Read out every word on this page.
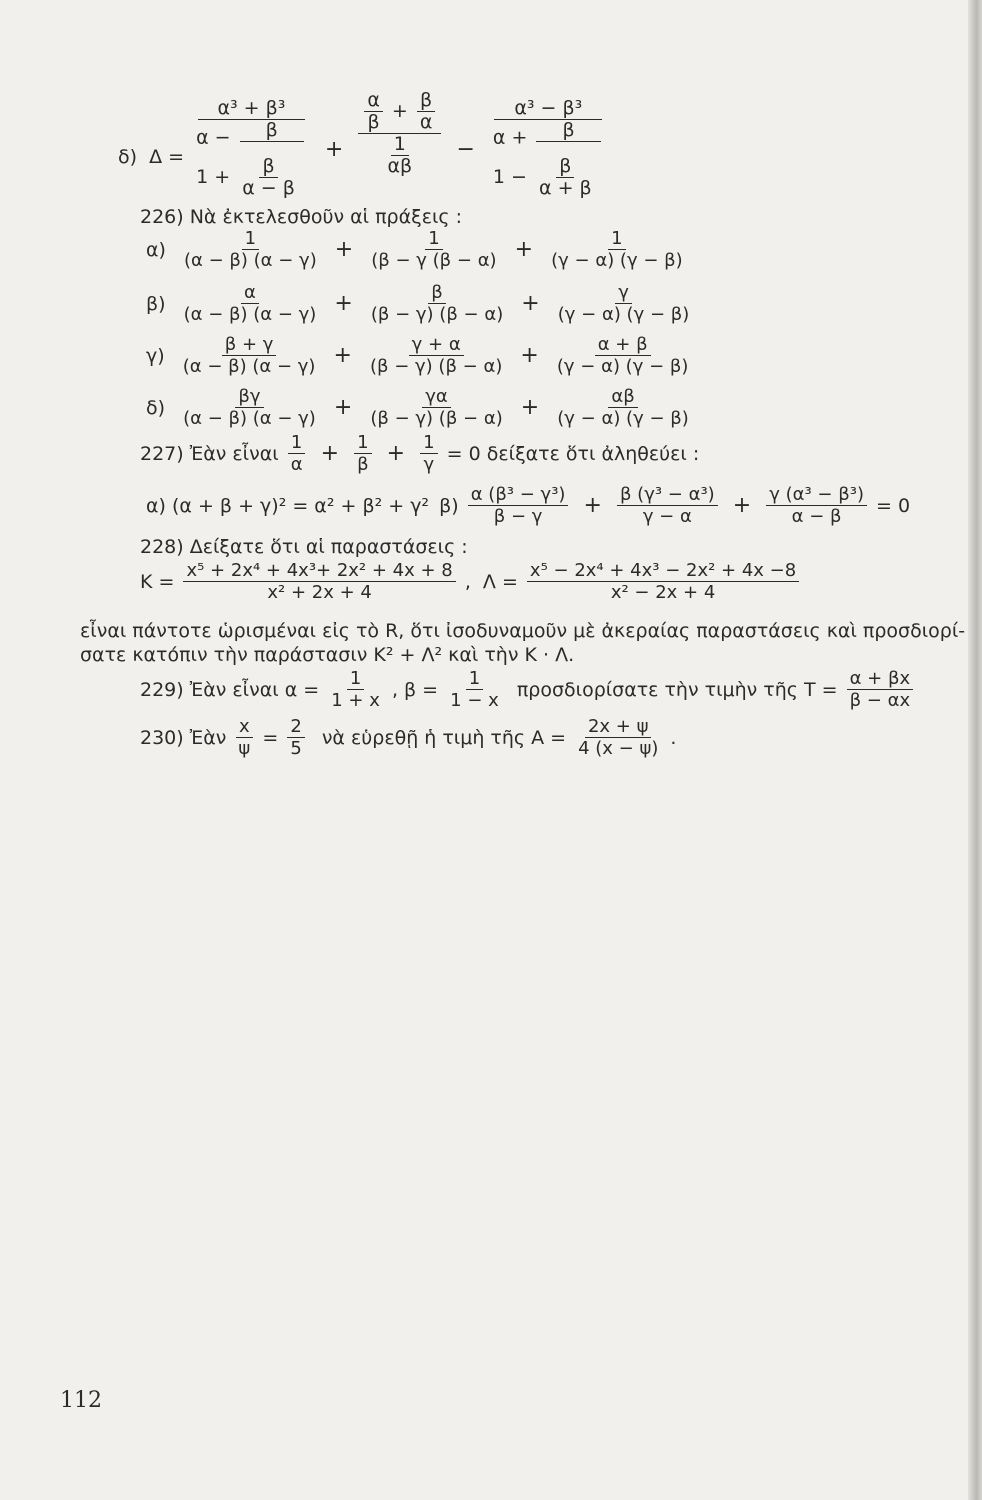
δ) Δ =
α³ + β³
α −	β

$1 + \frac{\beta}{\alpha - \beta}$
+ $\frac{\frac{\alpha}{\beta} + \frac{\beta}{\alpha}}{\frac{1}{\alpha\beta}}$ −
α³ − β³
α +	β

$1 - \frac{\beta}{\alpha + \beta}$
226) Νὰ ἐκτελεσθοῦν αἱ πράξεις :
$\alpha) \frac{1}{(\alpha - \beta) (\alpha - \gamma)} + \frac{1}{(\beta - \gamma (\beta - \alpha)} + \frac{1}{(\gamma - \alpha) (\gamma - \beta)}$
$\beta) \frac{\alpha}{(\alpha - \beta) (\alpha - \gamma)} + \frac{\beta}{(\beta - \gamma) (\beta - \alpha)} + \frac{\gamma}{(\gamma - \alpha) (\gamma - \beta)}$
$\gamma) \frac{\beta + \gamma}{(\alpha - \beta) (\alpha - \gamma)} + \frac{\gamma + \alpha}{(\beta - \gamma) (\beta - \alpha)} + \frac{\alpha + \beta}{(\gamma - \alpha) (\gamma - \beta)}$
$\delta) \frac{\beta\gamma}{(\alpha - \beta) (\alpha - \gamma)} + \frac{\gamma\alpha}{(\beta - \gamma) (\beta - \alpha)} + \frac{\alpha\beta}{(\gamma - \alpha) (\gamma - \beta)}$
227) Ἐὰν εἶναι $\frac{1}{\alpha} + \frac{1}{\beta} + \frac{1}{\gamma} = 0$ δείξατε ὅτι ἀληθεύει :
α) (α + β + γ)² = α² + β² + γ² $\beta) \frac{\text{α (β³ − γ³)}}{\beta - \gamma} + \frac{\text{β (γ³ − α³)}}{\gamma - \alpha} + \frac{\text{γ (α³ − β³)}}{\alpha - \beta} = 0$
228) Δείξατε ὅτι αἱ παραστάσεις :
$K = \frac{\text{x⁵ + 2x⁴ + 4x³+ 2x² + 4x + 8}}{\text{x² + 2x + 4}}$ , $\Lambda = \frac{\text{x⁵ − 2x⁴ + 4x³ − 2x² + 4x −8}}{\text{x² − 2x + 4}}$
εἶναι πάντοτε ὡρισμέναι εἰς τὸ R, ὅτι ἰσοδυναμοῦν μὲ ἀκεραίας παραστάσεις καὶ προσδιορί-
σατε κατόπιν τὴν παράστασιν K² + Λ² καὶ τὴν K · Λ.
229) Ἐὰν εἶναι $\alpha = \frac{1}{1 + x}$ , $\beta = \frac{1}{1 - x}$ προσδιορίσατε τὴν τιμὴν τῆς $T = \frac{\alpha + \beta x}{\beta - \alpha x}$
230) Ἐὰν $\frac{x}{\psi} = \frac{2}{5}$ νὰ εὑρεθῇ ἡ τιμὴ τῆς $A = \frac{2x + \psi}{4 (x - \psi)}$ .
112
